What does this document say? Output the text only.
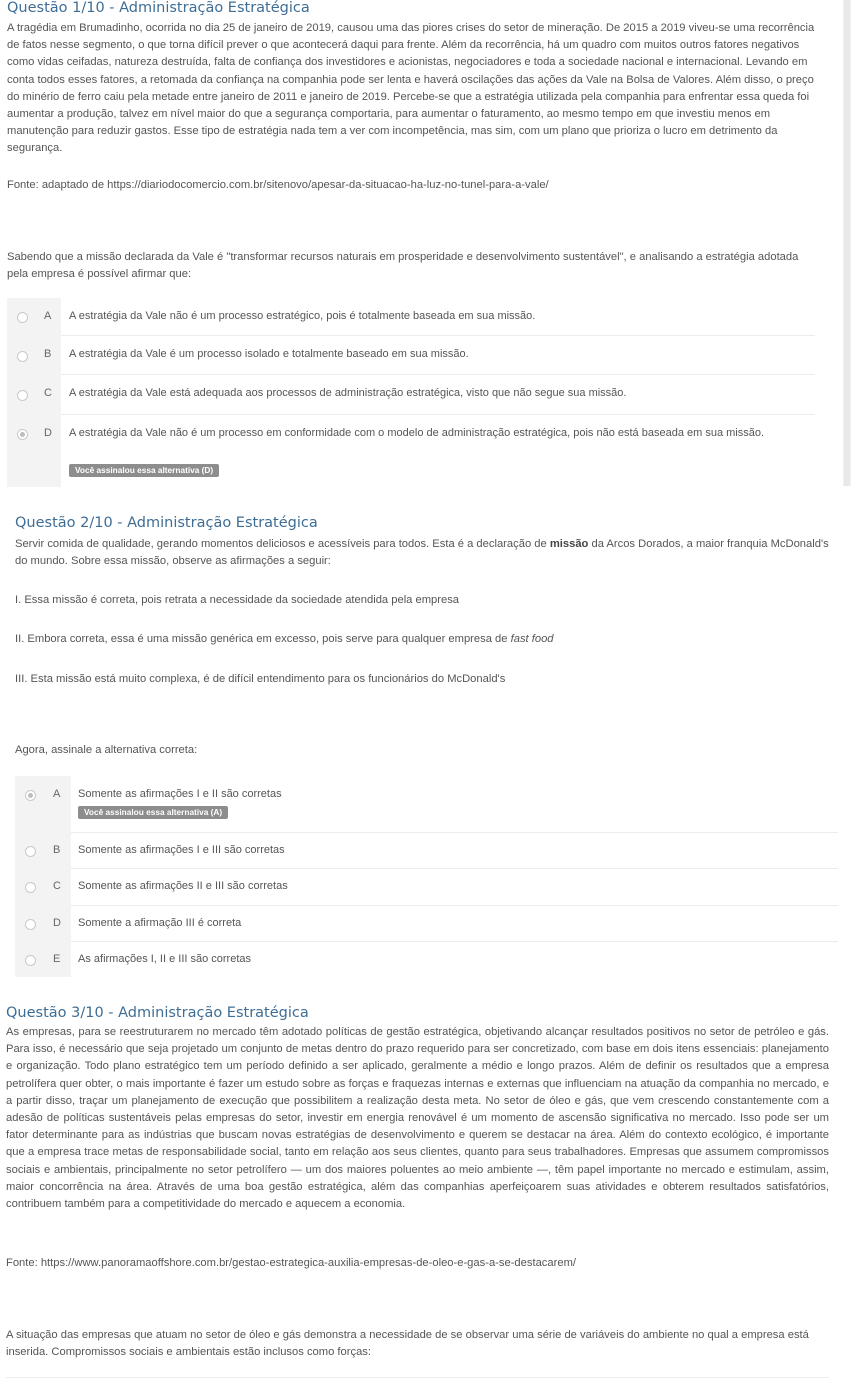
Questão 1/10 - Administração Estratégica

A tragédia em Brumadinho, ocorrida no dia 25 de janeiro de 2019, causou uma das piores crises do setor de mineração. De 2015 a 2019 viveu-se uma recorrência de fatos nesse segmento, o que torna difícil prever o que acontecerá daqui para frente. Além da recorrência, há um quadro com muitos outros fatores negativos como vidas ceifadas, natureza destruída, falta de confiança dos investidores e acionistas, negociadores e toda a sociedade nacional e internacional. Levando em conta todos esses fatores, a retomada da confiança na companhia pode ser lenta e haverá oscilações das ações da Vale na Bolsa de Valores. Além disso, o preço do minério de ferro caiu pela metade entre janeiro de 2011 e janeiro de 2019. Percebe-se que a estratégia utilizada pela companhia para enfrentar essa queda foi aumentar a produção, talvez em nível maior do que a segurança comportaria, para aumentar o faturamento, ao mesmo tempo em que investiu menos em manutenção para reduzir gastos. Esse tipo de estratégia nada tem a ver com incompetência, mas sim, com um plano que prioriza o lucro em detrimento da segurança.

Fonte: adaptado de https://diariodocomercio.com.br/sitenovo/apesar-da-situacao-ha-luz-no-tunel-para-a-vale/

Sabendo que a missão declarada da Vale é "transformar recursos naturais em prosperidade e desenvolvimento sustentável", e analisando a estratégia adotada pela empresa é possível afirmar que:

A A estratégia da Vale não é um processo estratégico, pois é totalmente baseada em sua missão.
B A estratégia da Vale é um processo isolado e totalmente baseado em sua missão.
C A estratégia da Vale está adequada aos processos de administração estratégica, visto que não segue sua missão.
D A estratégia da Vale não é um processo em conformidade com o modelo de administração estratégica, pois não está baseada em sua missão.
Você assinalou essa alternativa (D)
Questão 2/10 - Administração Estratégica

Servir comida de qualidade, gerando momentos deliciosos e acessíveis para todos. Esta é a declaração de missão da Arcos Dorados, a maior franquia McDonald's do mundo. Sobre essa missão, observe as afirmações a seguir:

I. Essa missão é correta, pois retrata a necessidade da sociedade atendida pela empresa

II. Embora correta, essa é uma missão genérica em excesso, pois serve para qualquer empresa de fast food

III. Esta missão está muito complexa, é de difícil entendimento para os funcionários do McDonald's

Agora, assinale a alternativa correta:

A Somente as afirmações I e II são corretas
Você assinalou essa alternativa (A)
B Somente as afirmações I e III são corretas
C Somente as afirmações II e III são corretas
D Somente a afirmação III é correta
E As afirmações I, II e III são corretas
Questão 3/10 - Administração Estratégica

As empresas, para se reestruturarem no mercado têm adotado políticas de gestão estratégica, objetivando alcançar resultados positivos no setor de petróleo e gás. Para isso, é necessário que seja projetado um conjunto de metas dentro do prazo requerido para ser concretizado, com base em dois itens essenciais: planejamento e organização. Todo plano estratégico tem um período definido a ser aplicado, geralmente a médio e longo prazos. Além de definir os resultados que a empresa petrolífera quer obter, o mais importante é fazer um estudo sobre as forças e fraquezas internas e externas que influenciam na atuação da companhia no mercado, e a partir disso, traçar um planejamento de execução que possibilitem a realização desta meta. No setor de óleo e gás, que vem crescendo constantemente com a adesão de políticas sustentáveis pelas empresas do setor, investir em energia renovável é um momento de ascensão significativa no mercado. Isso pode ser um fator determinante para as indústrias que buscam novas estratégias de desenvolvimento e querem se destacar na área. Além do contexto ecológico, é importante que a empresa trace metas de responsabilidade social, tanto em relação aos seus clientes, quanto para seus trabalhadores. Empresas que assumem compromissos sociais e ambientais, principalmente no setor petrolífero — um dos maiores poluentes ao meio ambiente —, têm papel importante no mercado e estimulam, assim, maior concorrência na área. Através de uma boa gestão estratégica, além das companhias aperfeiçoarem suas atividades e obterem resultados satisfatórios, contribuem também para a competitividade do mercado e aquecem a economia.

Fonte: https://www.panoramaoffshore.com.br/gestao-estrategica-auxilia-empresas-de-oleo-e-gas-a-se-destacarem/

A situação das empresas que atuam no setor de óleo e gás demonstra a necessidade de se observar uma série de variáveis do ambiente no qual a empresa está inserida. Compromissos sociais e ambientais estão inclusos como forças:
